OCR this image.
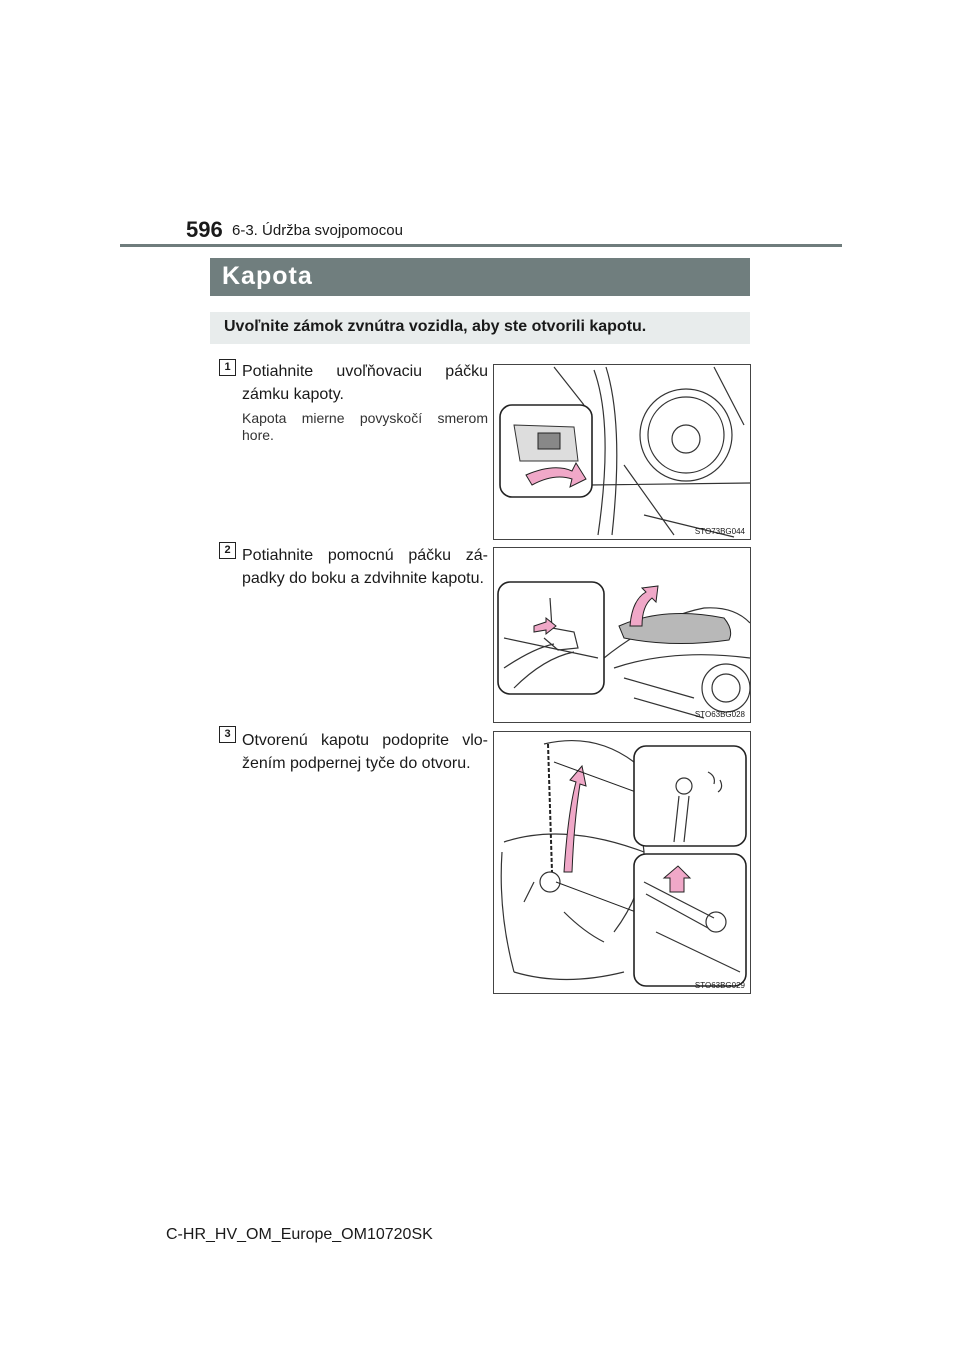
596 6-3. Údržba svojpomocou
Kapota
Uvoľnite zámok zvnútra vozidla, aby ste otvorili kapotu.
1 Potiahnite uvoľňovaciu páčku
zámku kapoty.
Kapota mierne povyskočí smerom
hore.
STO73BG044
2 Potiahnite pomocnú páčku zá-
padky do boku a zdvihnite kapotu.
STO63BG028
3 Otvorenú kapotu podoprite vlo-
žením podpernej tyče do otvoru.
STO63BG029
C-HR_HV_OM_Europe_OM10720SK
